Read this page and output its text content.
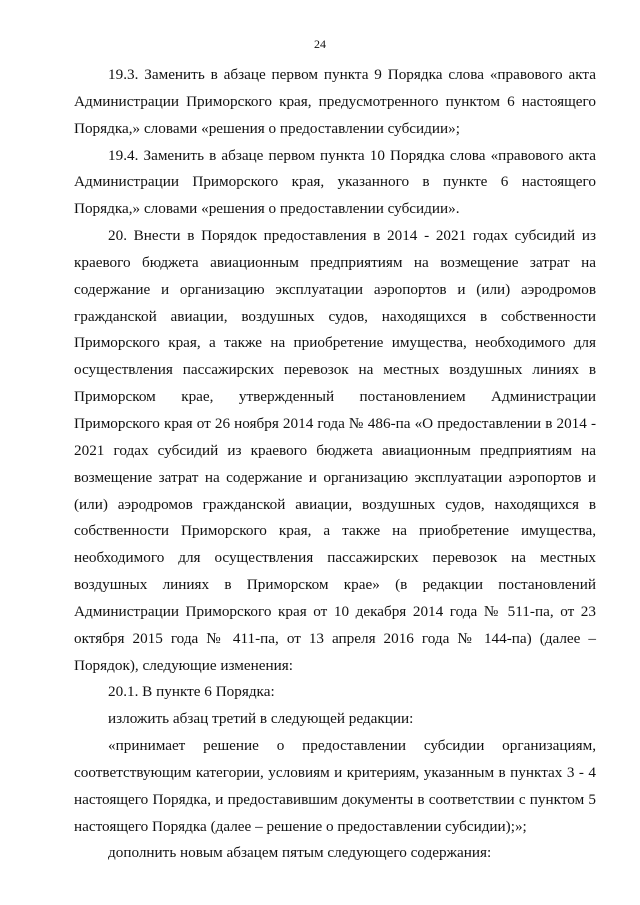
24

19.3. Заменить в абзаце первом пункта 9 Порядка слова «правового акта Администрации Приморского края, предусмотренного пунктом 6 настоящего Порядка,» словами «решения о предоставлении субсидии»;

19.4. Заменить в абзаце первом пункта 10 Порядка слова «правового акта Администрации Приморского края, указанного в пункте 6 настоящего Порядка,» словами «решения о предоставлении субсидии».

20. Внести в Порядок предоставления в 2014 - 2021 годах субсидий из краевого бюджета авиационным предприятиям на возмещение затрат на содержание и организацию эксплуатации аэропортов и (или) аэродромов гражданской авиации, воздушных судов, находящихся в собственности Приморского края, а также на приобретение имущества, необходимого для осуществления пассажирских перевозок на местных воздушных линиях в Приморском крае, утвержденный постановлением Администрации Приморского края от 26 ноября 2014 года № 486-па «О предоставлении в 2014 - 2021 годах субсидий из краевого бюджета авиационным предприятиям на возмещение затрат на содержание и организацию эксплуатации аэропортов и (или) аэродромов гражданской авиации, воздушных судов, находящихся в собственности Приморского края, а также на приобретение имущества, необходимого для осуществления пассажирских перевозок на местных воздушных линиях в Приморском крае» (в редакции постановлений Администрации Приморского края от 10 декабря 2014 года № 511-па, от 23 октября 2015 года № 411-па, от 13 апреля 2016 года № 144-па) (далее – Порядок), следующие изменения:

20.1. В пункте 6 Порядка:

изложить абзац третий в следующей редакции:

«принимает решение о предоставлении субсидии организациям, соответствующим категории, условиям и критериям, указанным в пунктах 3 - 4 настоящего Порядка, и предоставившим документы в соответствии с пунктом 5 настоящего Порядка (далее – решение о предоставлении субсидии);»;

дополнить новым абзацем пятым следующего содержания:
